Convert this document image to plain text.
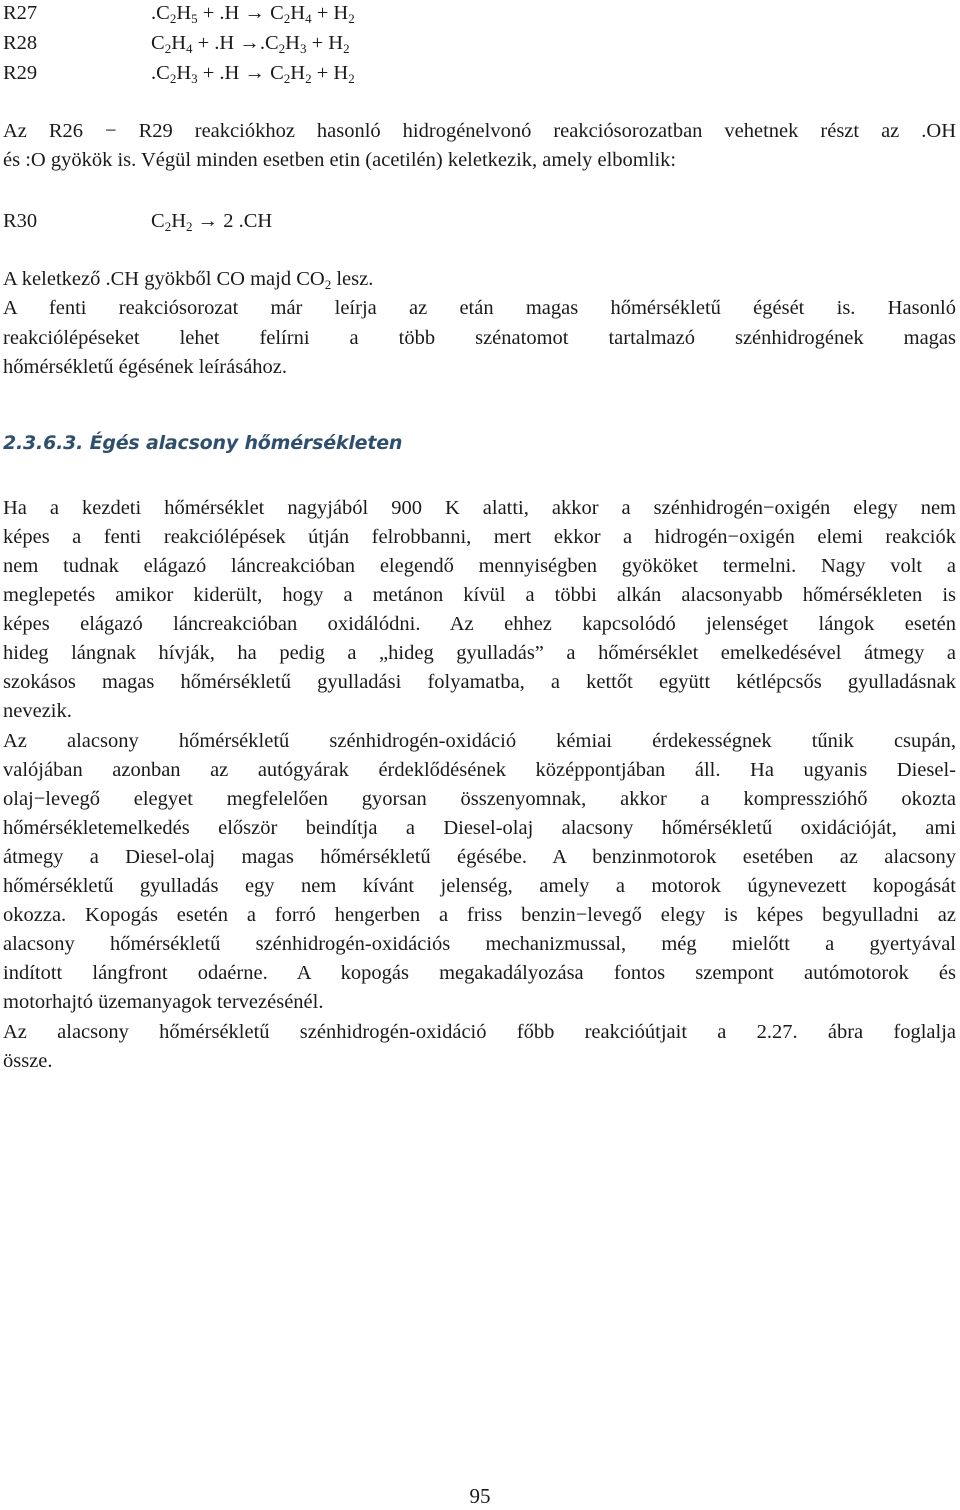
R27	$.C_2H_5 + .H \to C_2H_4 + H_2$
R28	$C_2H_4 + .H \to.C_2H_3 + H_2$
R29	$.C_2H_3 + .H \to C_2H_2 + H_2$
Az R26 − R29 reakciókhoz hasonló hidrogénelvonó reakciósorozatban vehetnek részt az .OH
és :O gyökök is. Végül minden esetben etin (acetilén) keletkezik, amely elbomlik:
R30	$C_2H_2 \to 2$ .CH
A keletkező .CH gyökből CO majd $CO_2$ lesz.
A fenti reakciósorozat már leírja az etán magas hőmérsékletű égését is. Hasonló
reakciólépéseket lehet felírni a több szénatomot tartalmazó szénhidrogének magas
hőmérsékletű égésének leírásához.
2.3.6.3. Égés alacsony hőmérsékleten
Ha a kezdeti hőmérséklet nagyjából 900 K alatti, akkor a szénhidrogén−oxigén elegy nem
képes a fenti reakciólépések útján felrobbanni, mert ekkor a hidrogén−oxigén elemi reakciók
nem tudnak elágazó láncreakcióban elegendő mennyiségben gyököket termelni. Nagy volt a
meglepetés amikor kiderült, hogy a metánon kívül a többi alkán alacsonyabb hőmérsékleten is
képes elágazó láncreakcióban oxidálódni. Az ehhez kapcsolódó jelenséget lángok esetén
hideg lángnak hívják, ha pedig a „hideg gyulladás” a hőmérséklet emelkedésével átmegy a
szokásos magas hőmérsékletű gyulladási folyamatba, a kettőt együtt kétlépcsős gyulladásnak
nevezik.
Az alacsony hőmérsékletű szénhidrogén-oxidáció kémiai érdekességnek tűnik csupán,
valójában azonban az autógyárak érdeklődésének középpontjában áll. Ha ugyanis Diesel-
olaj−levegő elegyet megfelelően gyorsan összenyomnak, akkor a kompresszióhő okozta
hőmérsékletemelkedés először beindítja a Diesel-olaj alacsony hőmérsékletű oxidációját, ami
átmegy a Diesel-olaj magas hőmérsékletű égésébe. A benzinmotorok esetében az alacsony
hőmérsékletű gyulladás egy nem kívánt jelenség, amely a motorok úgynevezett kopogását
okozza. Kopogás esetén a forró hengerben a friss benzin−levegő elegy is képes begyulladni az
alacsony hőmérsékletű szénhidrogén-oxidációs mechanizmussal, még mielőtt a gyertyával
indított lángfront odaérne. A kopogás megakadályozása fontos szempont autómotorok és
motorhajtó üzemanyagok tervezésénél.
Az alacsony hőmérsékletű szénhidrogén-oxidáció főbb reakcióútjait a 2.27. ábra foglalja
össze.
95
